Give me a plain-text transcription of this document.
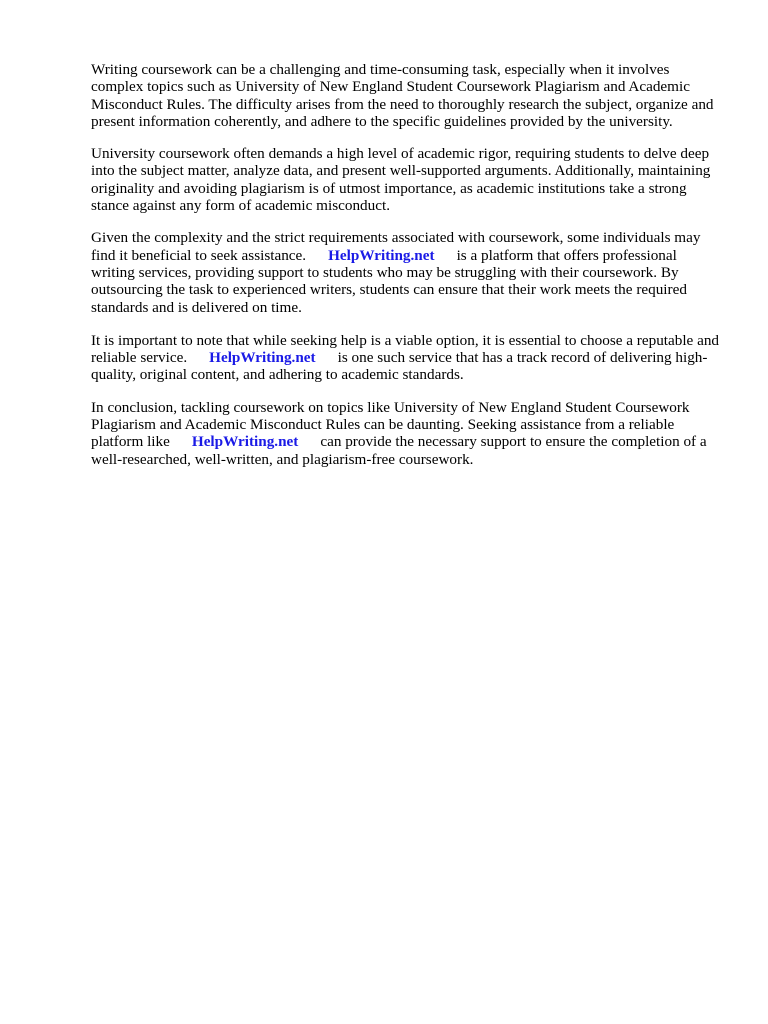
Writing coursework can be a challenging and time-consuming task, especially when it involves complex topics such as University of New England Student Coursework Plagiarism and Academic Misconduct Rules. The difficulty arises from the need to thoroughly research the subject, organize and present information coherently, and adhere to the specific guidelines provided by the university.

University coursework often demands a high level of academic rigor, requiring students to delve deep into the subject matter, analyze data, and present well-supported arguments. Additionally, maintaining originality and avoiding plagiarism is of utmost importance, as academic institutions take a strong stance against any form of academic misconduct.

Given the complexity and the strict requirements associated with coursework, some individuals may find it beneficial to seek assistance. HelpWriting.net is a platform that offers professional writing services, providing support to students who may be struggling with their coursework. By outsourcing the task to experienced writers, students can ensure that their work meets the required standards and is delivered on time.

It is important to note that while seeking help is a viable option, it is essential to choose a reputable and reliable service. HelpWriting.net is one such service that has a track record of delivering high-quality, original content, and adhering to academic standards.

In conclusion, tackling coursework on topics like University of New England Student Coursework Plagiarism and Academic Misconduct Rules can be daunting. Seeking assistance from a reliable platform like HelpWriting.net can provide the necessary support to ensure the completion of a well-researched, well-written, and plagiarism-free coursework.
